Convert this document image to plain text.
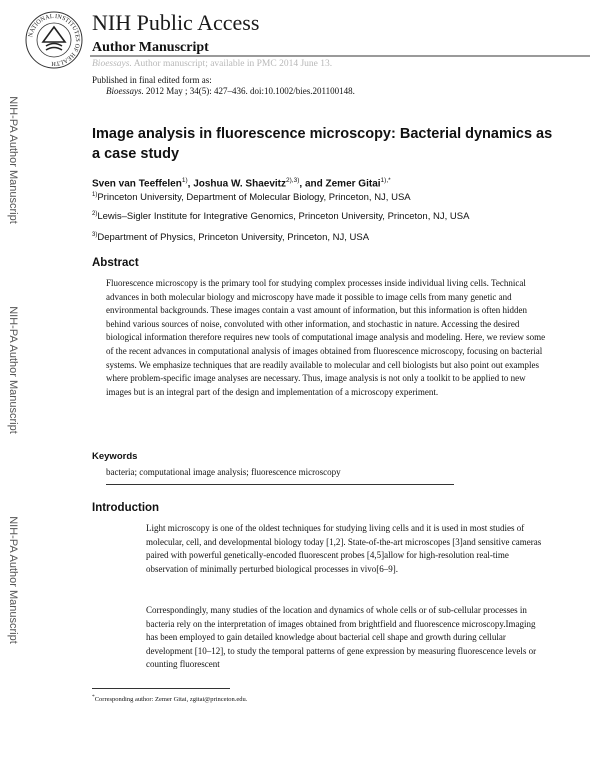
NATIONAL INSTITUTES OF HEALTH
NIH Public Access
Author Manuscript
Bioessays. Author manuscript; available in PMC 2014 June 13.
Published in final edited form as:
Bioessays. 2012 May ; 34(5): 427–436. doi:10.1002/bies.201100148.
NIH-PA Author Manuscript
NIH-PA Author Manuscript
NIH-PA Author Manuscript
Image analysis in fluorescence microscopy: Bacterial dynamics as a case study
Sven van Teeffelen$^{1)}$, Joshua W. Shaevitz$^{2),3)}$, and Zemer Gitai$^{1),*}$
$^{1)}$Princeton University, Department of Molecular Biology, Princeton, NJ, USA
$^{2)}$Lewis–Sigler Institute for Integrative Genomics, Princeton University, Princeton, NJ, USA
$^{3)}$Department of Physics, Princeton University, Princeton, NJ, USA
Abstract

Fluorescence microscopy is the primary tool for studying complex processes inside individual living cells. Technical advances in both molecular biology and microscopy have made it possible to image cells from many genetic and environmental backgrounds. These images contain a vast amount of information, but this information is often hidden behind various sources of noise, convoluted with other information, and stochastic in nature. Accessing the desired biological information therefore requires new tools of computational image analysis and modeling. Here, we review some of the recent advances in computational analysis of images obtained from fluorescence microscopy, focusing on bacterial systems. We emphasize techniques that are readily available to molecular and cell biologists but also point out examples where problem-specific image analyses are necessary. Thus, image analysis is not only a toolkit to be applied to new images but is an integral part of the design and implementation of a microscopy experiment.

Keywords
bacteria; computational image analysis; fluorescence microscopy
Introduction

Light microscopy is one of the oldest techniques for studying living cells and it is used in most studies of molecular, cell, and developmental biology today [1,2]. State-of-the-art microscopes [3]and sensitive cameras paired with powerful genetically-encoded fluorescent probes [4,5]allow for high-resolution real-time observation of minimally perturbed biological processes in vivo[6–9].

Correspondingly, many studies of the location and dynamics of whole cells or of sub-cellular processes in bacteria rely on the interpretation of images obtained from brightfield and fluorescence microscopy.Imaging has been employed to gain detailed knowledge about bacterial cell shape and growth during cellular development [10–12], to study the temporal patterns of gene expression by measuring fluorescence levels or counting fluorescent

*Corresponding author: Zemer Gitai, zgitai@princeton.edu.
